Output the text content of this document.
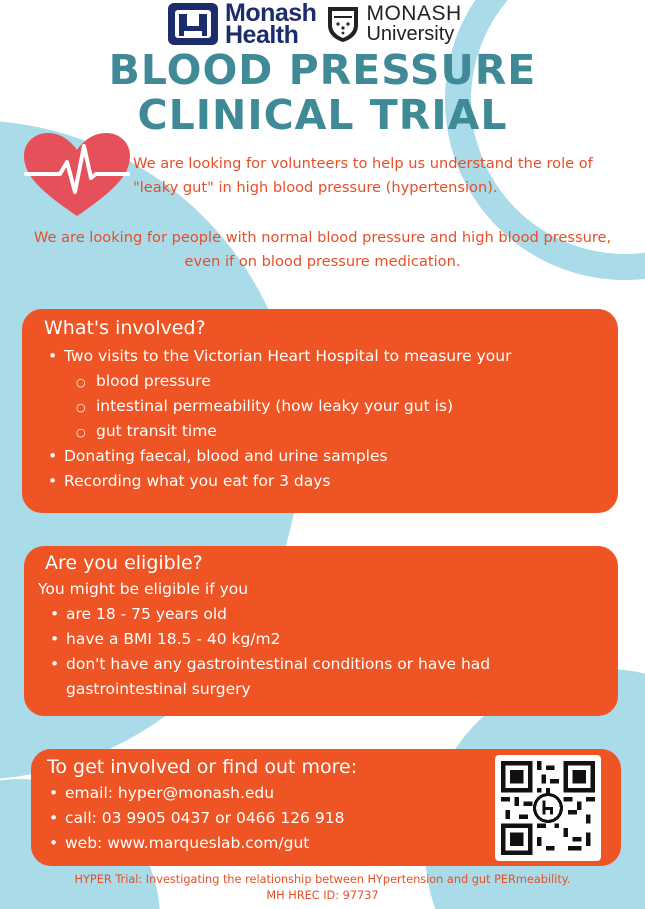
Monash
Health
MONASH
University
BLOOD PRESSURE
CLINICAL TRIAL
We are looking for volunteers to help us understand the role of "leaky gut" in high blood pressure (hypertension).
We are looking for people with normal blood pressure and high blood pressure, even if on blood pressure medication.
What's involved?
• Two visits to the Victorian Heart Hospital to measure your
○ blood pressure
○ intestinal permeability (how leaky your gut is)
○ gut transit time
• Donating faecal, blood and urine samples
• Recording what you eat for 3 days
Are you eligible?
You might be eligible if you
• are 18 - 75 years old
• have a BMI 18.5 - 40 kg/m2
• don't have any gastrointestinal conditions or have had gastrointestinal surgery
To get involved or find out more:
• email: hyper@monash.edu
• call: 03 9905 0437 or 0466 126 918
• web: www.marqueslab.com/gut
HYPER Trial: Investigating the relationship between HYpertension and gut PERmeability.
MH HREC ID: 97737
